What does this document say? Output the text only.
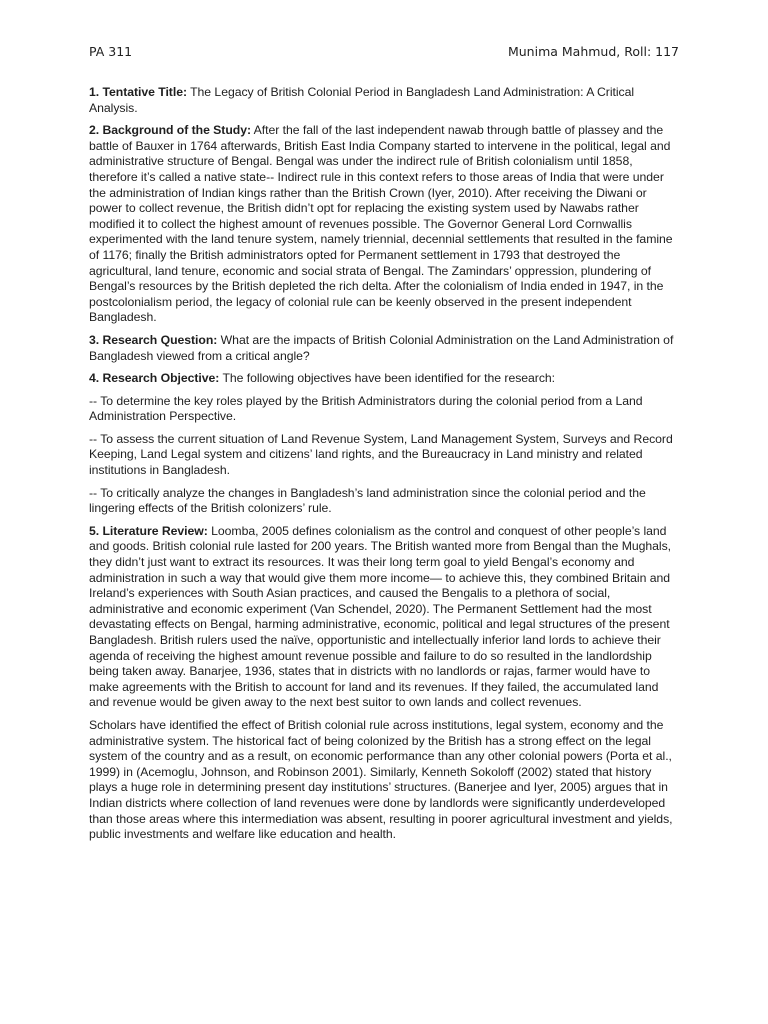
PA 311	Munima Mahmud, Roll: 117

1. Tentative Title: The Legacy of British Colonial Period in Bangladesh Land Administration: A Critical Analysis.

2. Background of the Study: After the fall of the last independent nawab through battle of plassey and the battle of Bauxer in 1764 afterwards, British East India Company started to intervene in the political, legal and administrative structure of Bengal. Bengal was under the indirect rule of British colonialism until 1858, therefore it’s called a native state-- Indirect rule in this context refers to those areas of India that were under the administration of Indian kings rather than the British Crown (Iyer, 2010). After receiving the Diwani or power to collect revenue, the British didn’t opt for replacing the existing system used by Nawabs rather modified it to collect the highest amount of revenues possible. The Governor General Lord Cornwallis experimented with the land tenure system, namely triennial, decennial settlements that resulted in the famine of 1176; finally the British administrators opted for Permanent settlement in 1793 that destroyed the agricultural, land tenure, economic and social strata of Bengal. The Zamindars’ oppression, plundering of Bengal’s resources by the British depleted the rich delta. After the colonialism of India ended in 1947, in the postcolonialism period, the legacy of colonial rule can be keenly observed in the present independent Bangladesh.

3. Research Question: What are the impacts of British Colonial Administration on the Land Administration of Bangladesh viewed from a critical angle?

4. Research Objective: The following objectives have been identified for the research:

-- To determine the key roles played by the British Administrators during the colonial period from a Land Administration Perspective.

-- To assess the current situation of Land Revenue System, Land Management System, Surveys and Record Keeping, Land Legal system and citizens’ land rights, and the Bureaucracy in Land ministry and related institutions in Bangladesh.

-- To critically analyze the changes in Bangladesh’s land administration since the colonial period and the lingering effects of the British colonizers’ rule.

5. Literature Review: Loomba, 2005 defines colonialism as the control and conquest of other people’s land and goods. British colonial rule lasted for 200 years. The British wanted more from Bengal than the Mughals, they didn’t just want to extract its resources. It was their long term goal to yield Bengal’s economy and administration in such a way that would give them more income— to achieve this, they combined Britain and Ireland’s experiences with South Asian practices, and caused the Bengalis to a plethora of social, administrative and economic experiment (Van Schendel, 2020). The Permanent Settlement had the most devastating effects on Bengal, harming administrative, economic, political and legal structures of the present Bangladesh. British rulers used the naïve, opportunistic and intellectually inferior land lords to achieve their agenda of receiving the highest amount revenue possible and failure to do so resulted in the landlordship being taken away. Banarjee, 1936, states that in districts with no landlords or rajas, farmer would have to make agreements with the British to account for land and its revenues. If they failed, the accumulated land and revenue would be given away to the next best suitor to own lands and collect revenues.

Scholars have identified the effect of British colonial rule across institutions, legal system, economy and the administrative system. The historical fact of being colonized by the British has a strong effect on the legal system of the country and as a result, on economic performance than any other colonial powers (Porta et al., 1999) in (Acemoglu, Johnson, and Robinson 2001). Similarly, Kenneth Sokoloff (2002) stated that history plays a huge role in determining present day institutions’ structures. (Banerjee and Iyer, 2005) argues that in Indian districts where collection of land revenues were done by landlords were significantly underdeveloped than those areas where this intermediation was absent, resulting in poorer agricultural investment and yields, public investments and welfare like education and health.
